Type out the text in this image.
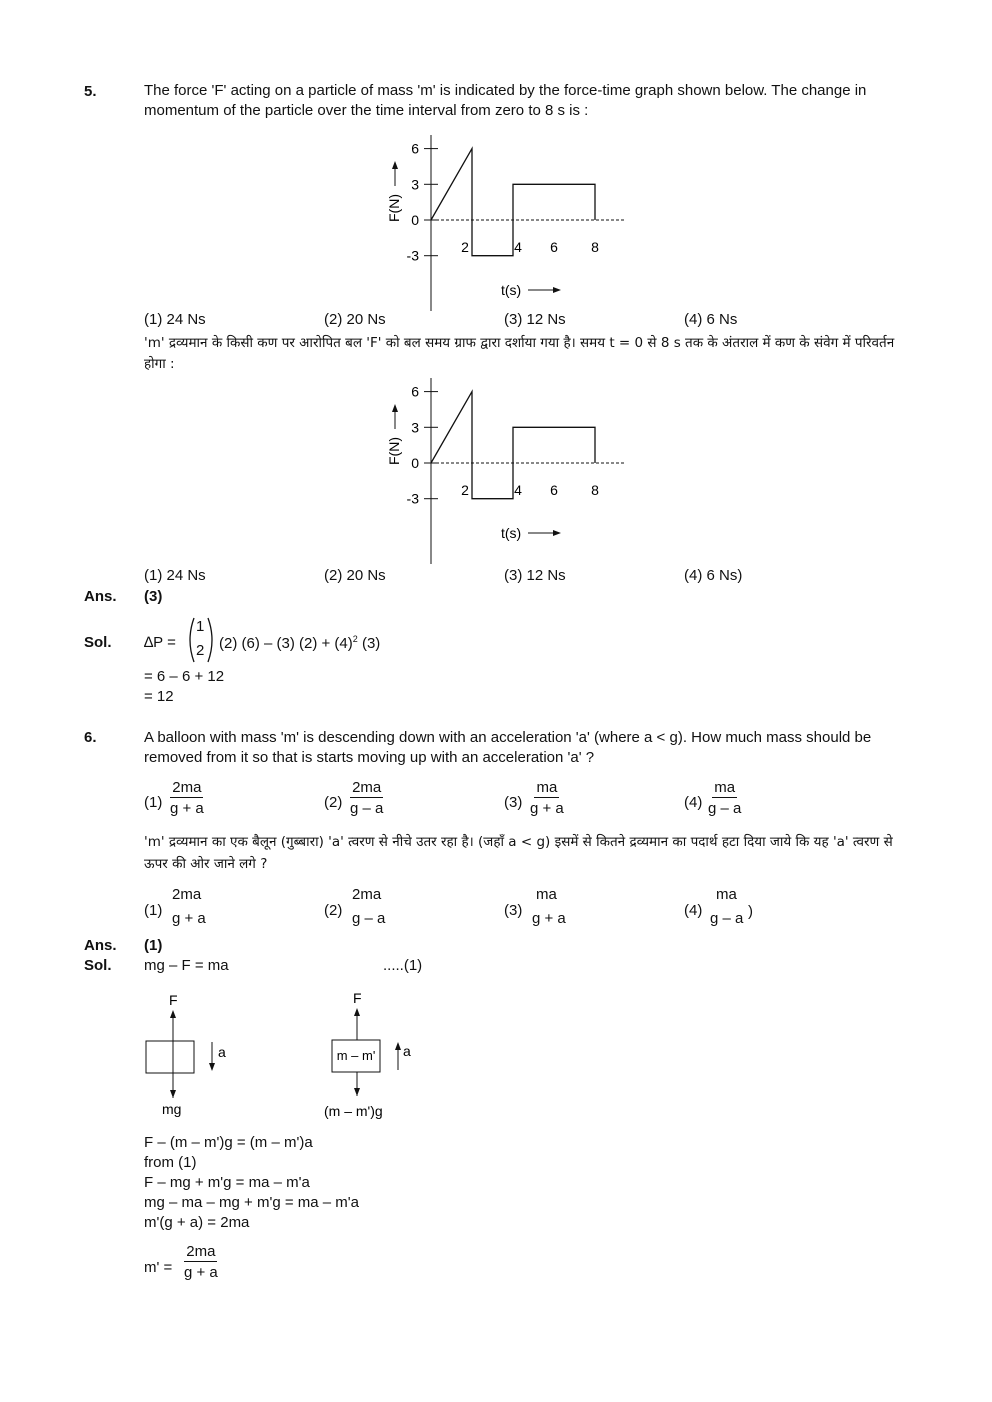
5.	The force 'F' acting on a particle of mass 'm' is indicated by the force-time graph shown below. The change in momentum of the particle over the time interval from zero to 8 s is :
6
3
0
-3
2	4 6 8
F(N)
t(s)
(1) 24 Ns	(2) 20 Ns	(3) 12 Ns	(4) 6 Ns
'm' द्रव्यमान के किसी कण पर आरोपित बल 'F' को बल समय ग्राफ द्वारा दर्शाया गया है। समय t = 0 से 8 s तक के अंतराल में कण के संवेग में परिवर्तन होगा :
6
3
0
-3
2	4 6 8
F(N)
t(s)
(1) 24 Ns	(2) 20 Ns	(3) 12 Ns	(4) 6 Ns)
Ans. (3)
Sol. ∆P =
1
2 (2) (6) – (3) $(2) + (4)^2$ (3)
= 6 – 6 + 12
= 12
6.	A balloon with mass 'm' is descending down with an acceleration 'a' (where a < g). How much mass should be removed from it so that is starts moving up with an acceleration 'a' ?
$(1) \frac{2ma}{g + a}$	$(2) \frac{2ma}{g - a}$	$(3) \frac{ma}{g + a}$	$(4) \frac{ma}{g - a}$
'm' द्रव्यमान का एक बैलून (गुब्बारा) 'a' त्वरण से नीचे उतर रहा है। (जहाँ a < g) इसमें से कितने द्रव्यमान का पदार्थ हटा दिया जाये कि यह 'a' त्वरण से ऊपर की ओर जाने लगे ?
(1)
2ma
g + a	(2)
2ma
g – a	(3)
ma
g + a	(4)
ma
g – a )
Ans. (1)
Sol. mg – F = ma	.....(1)
F
a
mg
F
m – m' a
(m – m')g
F – (m – m')g = (m – m')a
from (1)
F – mg + m'g = ma – m'a
mg – ma – mg + m'g = ma – m'a
m'(g + a) = 2ma
$m' = \frac{2ma}{g + a}$
